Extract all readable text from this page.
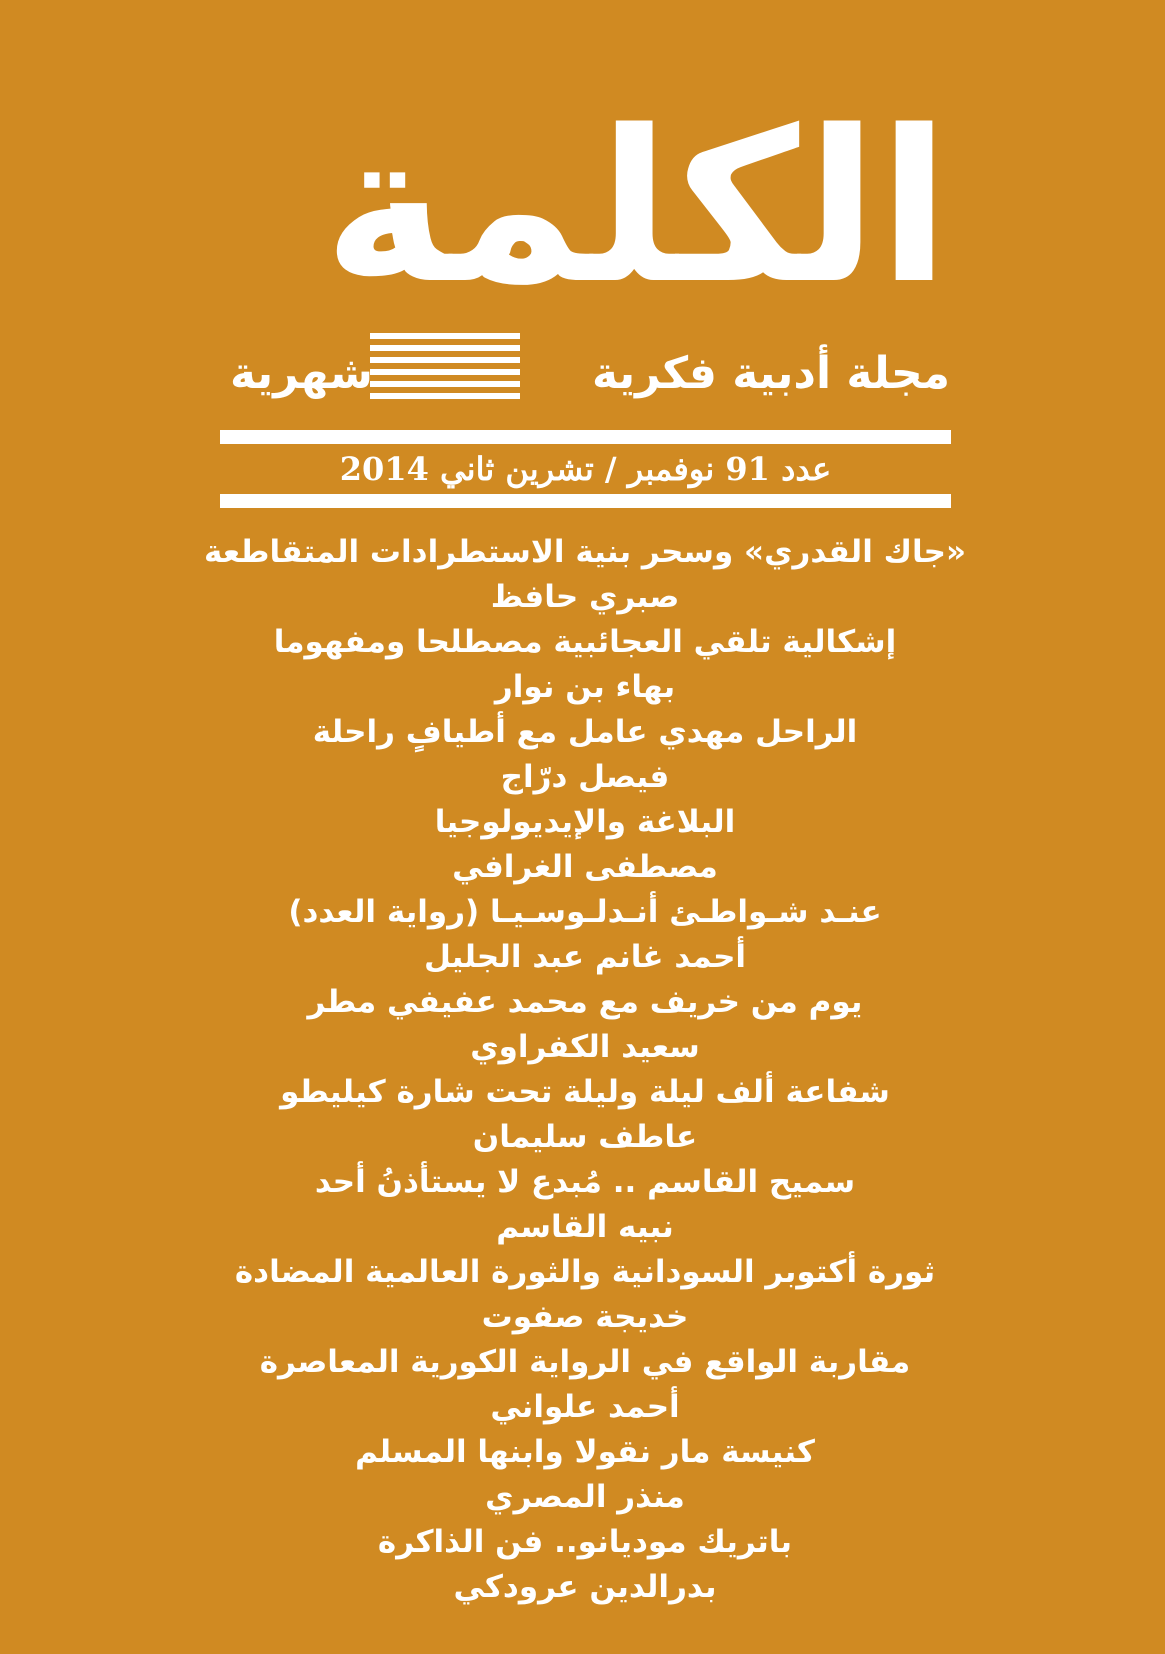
الكلمة
مجلة أدبية فكرية
شهرية
عدد 91 نوفمبر / تشرين ثاني 2014
«جاك القدري» وسحر بنية الاستطرادات المتقاطعة
صبري حافظ
إشكالية تلقي العجائبية مصطلحا ومفهوما
بهاء بن نوار
الراحل مهدي عامل مع أطيافٍ راحلة
فيصل درّاج
البلاغة والإيديولوجيا
مصطفى الغرافي
عنـد شـواطـئ أنـدلـوسـيـا (رواية العدد)
أحمد غانم عبد الجليل
يوم من خريف مع محمد عفيفي مطر
سعيد الكفراوي
شفاعة ألف ليلة وليلة تحت شارة كيليطو
عاطف سليمان
سميح القاسم .. مُبدع لا يستأذنُ أحد
نبيه القاسم
ثورة أكتوبر السودانية والثورة العالمية المضادة
خديجة صفوت
مقاربة الواقع في الرواية الكورية المعاصرة
أحمد علواني
كنيسة مار نقولا وابنها المسلم
منذر المصري
باتريك موديانو.. فن الذاكرة
بدرالدين عرودكي
